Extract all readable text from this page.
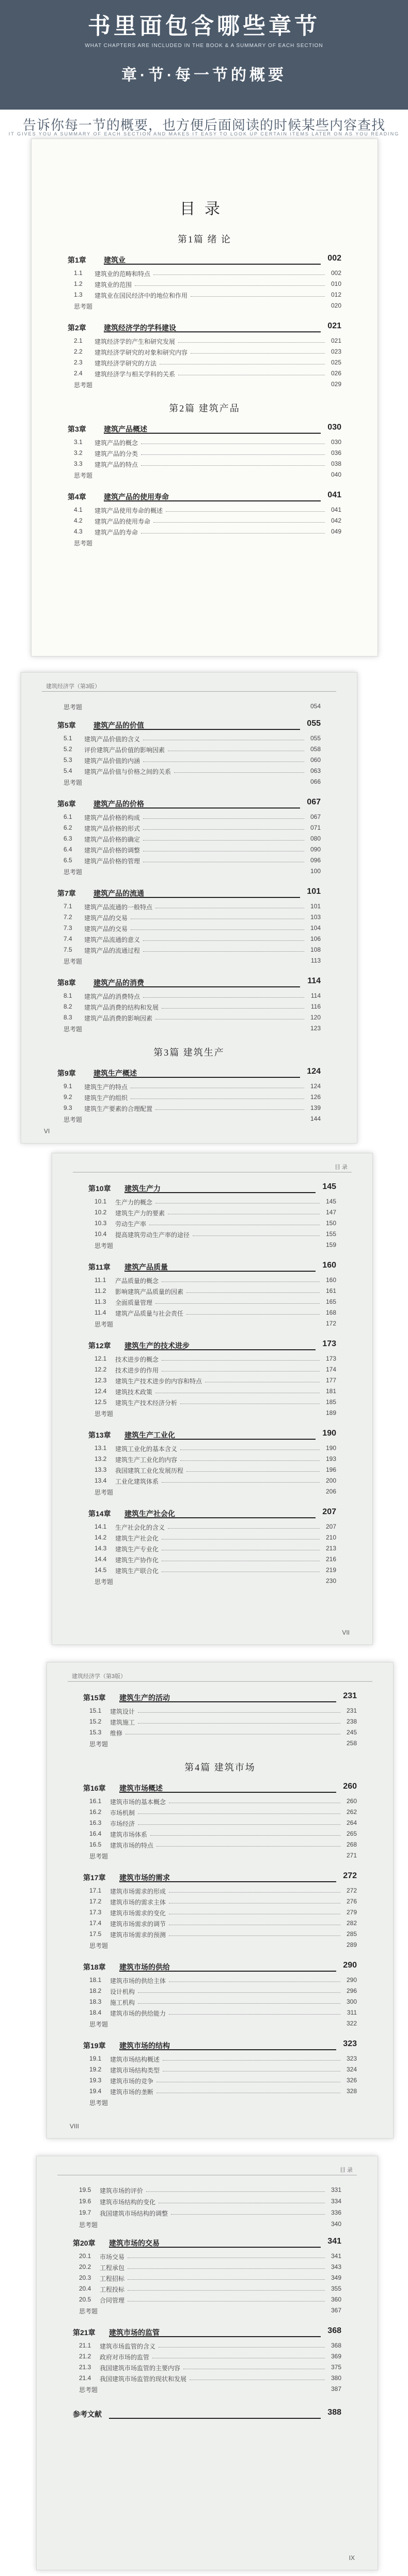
书里面包含哪些章节
WHAT CHAPTERS ARE INCLUDED IN THE BOOK & A SUMMARY OF EACH SECTION
章·节·每一节的概要
告诉你每一节的概要，也方便后面阅读的时候某些内容查找
IT GIVES YOU A SUMMARY OF EACH SECTION AND MAKES IT EASY TO LOOK UP CERTAIN ITEMS LATER ON AS YOU READING
目录
第1篇 绪 论
第1章 建筑业	002
1.1 建筑业的范畴和特点	002
1.2 建筑业的范围	010
1.3 建筑业在国民经济中的地位和作用	012
思考题	020
第2章 建筑经济学的学科建设	021
2.1 建筑经济学的产生和研究发展	021
2.2 建筑经济学研究的对象和研究内容	023
2.3 建筑经济学研究的方法	025
2.4 建筑经济学与相关学科的关系	026
思考题	029
第2篇 建筑产品
第3章 建筑产品概述	030
3.1 建筑产品的概念	030
3.2 建筑产品的分类	036
3.3 建筑产品的特点	038
思考题	040
第4章 建筑产品的使用寿命	041
4.1 建筑产品使用寿命的概述	041
4.2 建筑产品的使用寿命	042
4.3 建筑产品的寿命	049
思考题
建筑经济学（第3版）
VI
思考题	054
第5章 建筑产品的价值	055
5.1 建筑产品价值的含义	055
5.2 评价建筑产品价值的影响因素	058
5.3 建筑产品价值的内涵	060
5.4 建筑产品价值与价格之间的关系	063
思考题	066
第6章 建筑产品的价格	067
6.1 建筑产品价格的构成	067
6.2 建筑产品价格的形式	071
6.3 建筑产品价格的确定	080
6.4 建筑产品价格的调整	090
6.5 建筑产品价格的管理	096
思考题	100
第7章 建筑产品的流通	101
7.1 建筑产品流通的一般特点	101
7.2 建筑产品的交易	103
7.3 建筑产品的交易	104
7.4 建筑产品流通的意义	106
7.5 建筑产品的流通过程	108
思考题	113
第8章 建筑产品的消费	114
8.1 建筑产品的消费特点	114
8.2 建筑产品消费的结构和发展	116
8.3 建筑产品消费的影响因素	120
思考题	123
第3篇 建筑生产
第9章 建筑生产概述	124
9.1 建筑生产的特点	124
9.2 建筑生产的组织	126
9.3 建筑生产要素的合理配置	139
思考题	144
目 录
VII
第10章 建筑生产力	145
10.1 生产力的概念	145
10.2 建筑生产力的要素	147
10.3 劳动生产率	150
10.4 提高建筑劳动生产率的途径	155
思考题	159
第11章 建筑产品质量	160
11.1 产品质量的概念	160
11.2 影响建筑产品质量的因素	161
11.3 全面质量管理	165
11.4 建筑产品质量与社会责任	168
思考题	172
第12章 建筑生产的技术进步	173
12.1 技术进步的概念	173
12.2 技术进步的作用	174
12.3 建筑生产技术进步的内容和特点	177
12.4 建筑技术政策	181
12.5 建筑生产技术经济分析	185
思考题	189
第13章 建筑生产工业化	190
13.1 建筑工业化的基本含义	190
13.2 建筑生产工业化的内容	193
13.3 我国建筑工业化发展历程	196
13.4 工业化建筑体系	200
思考题	206
第14章 建筑生产社会化	207
14.1 生产社会化的含义	207
14.2 建筑生产社会化	210
14.3 建筑生产专业化	213
14.4 建筑生产协作化	216
14.5 建筑生产联合化	219
思考题	230
建筑经济学（第3版）
VIII
第15章 建筑生产的活动	231
15.1 建筑设计	231
15.2 建筑施工	238
15.3 维修	245
思考题	258
第4篇 建筑市场
第16章 建筑市场概述	260
16.1 建筑市场的基本概念	260
16.2 市场机制	262
16.3 市场经济	264
16.4 建筑市场体系	265
16.5 建筑市场的特点	268
思考题	271
第17章 建筑市场的需求	272
17.1 建筑市场需求的形成	272
17.2 建筑市场的需求主体	276
17.3 建筑市场需求的变化	279
17.4 建筑市场需求的调节	282
17.5 建筑市场需求的预测	285
思考题	289
第18章 建筑市场的供给	290
18.1 建筑市场的供给主体	290
18.2 设计机构	296
18.3 施工机构	300
18.4 建筑市场的供给能力	311
思考题	322
第19章 建筑市场的结构	323
19.1 建筑市场结构概述	323
19.2 建筑市场结构类型	324
19.3 建筑市场的竞争	326
19.4 建筑市场的垄断	328
思考题
目 录
IX
19.5 建筑市场的评价	331
19.6 建筑市场结构的变化	334
19.7 我国建筑市场结构的调整	336
思考题	340
第20章 建筑市场的交易	341
20.1 市场交易	341
20.2 工程承包	343
20.3 工程招标	349
20.4 工程投标	355
20.5 合同管理	360
思考题	367
第21章 建筑市场的监管	368
21.1 建筑市场监管的含义	368
21.2 政府对市场的监管	369
21.3 我国建筑市场监管的主要内容	375
21.4 我国建筑市场监管的现状和发展	380
思考题	387
参考文献	388
